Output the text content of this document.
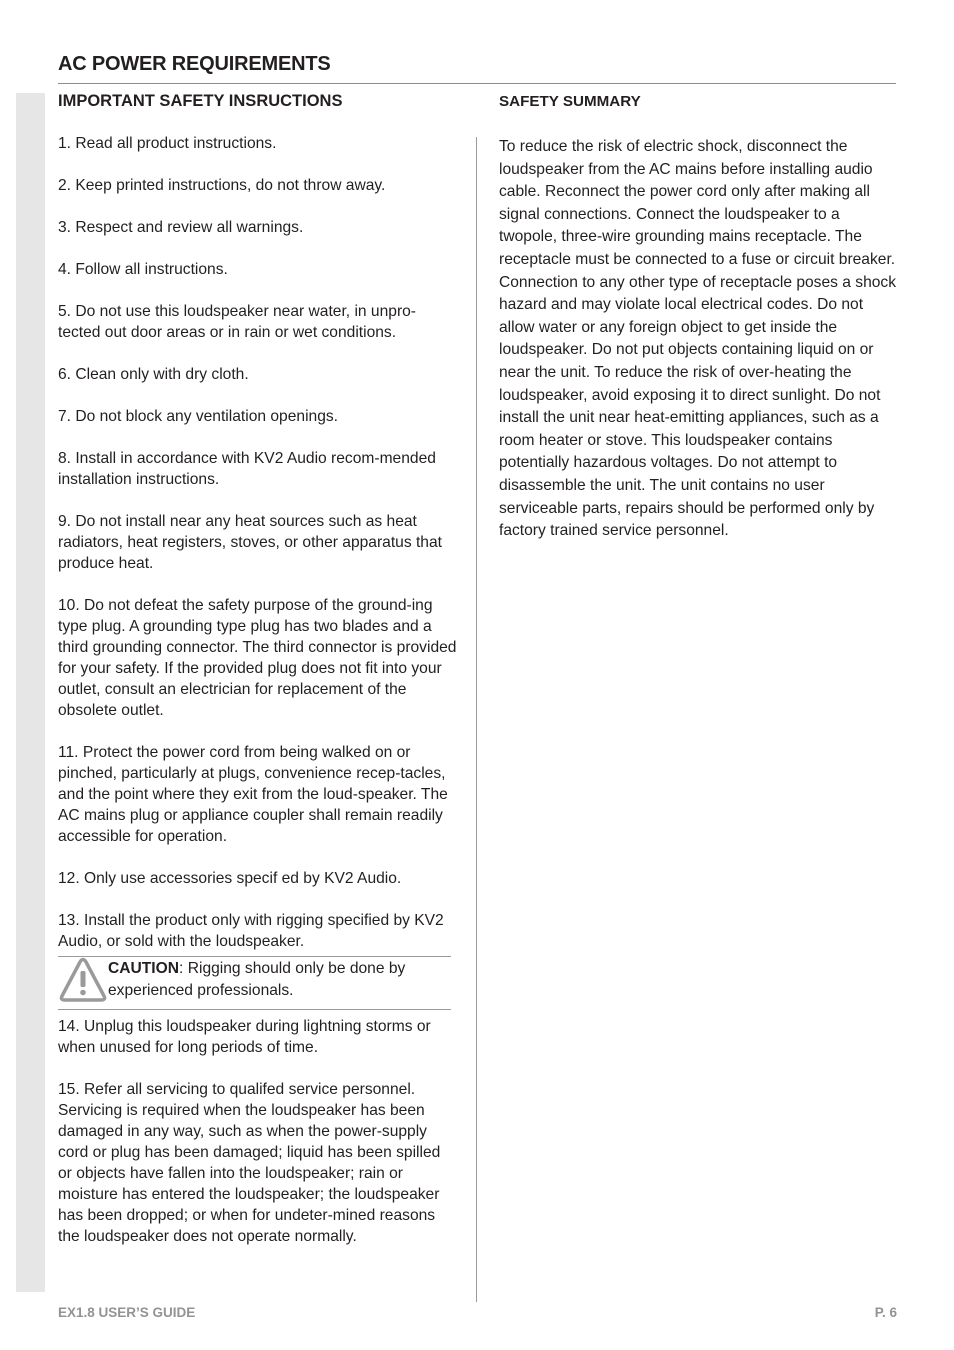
AC POWER REQUIREMENTS
IMPORTANT SAFETY INSRUCTIONS

1. Read all product instructions.

2. Keep printed instructions, do not throw away.

3. Respect and review all warnings.

4. Follow all instructions.

5. Do not use this loudspeaker near water, in unpro-tected out door areas or in rain or wet conditions.

6. Clean only with dry cloth.

7. Do not block any ventilation openings.

8. Install in accordance with KV2 Audio recom-mended installation instructions.

9. Do not install near any heat sources such as heat radiators, heat registers, stoves, or other apparatus that produce heat.

10. Do not defeat the safety purpose of the ground-ing type plug. A grounding type plug has two blades and a third grounding connector. The third connector is provided for your safety. If the provided plug does not fit into your outlet, consult an electrician for replacement of the obsolete outlet.

11. Protect the power cord from being walked on or pinched, particularly at plugs, convenience recep-tacles, and the point where they exit from the loud-speaker. The AC mains plug or appliance coupler shall remain readily accessible for operation.

12. Only use accessories specif ed by KV2 Audio.

13. Install the product only with rigging specified by KV2 Audio, or sold with the loudspeaker.

CAUTION: Rigging should only be done by experienced professionals.

14. Unplug this loudspeaker during lightning storms or when unused for long periods of time.

15. Refer all servicing to qualifed service personnel. Servicing is required when the loudspeaker has been damaged in any way, such as when the power-supply cord or plug has been damaged; liquid has been spilled or objects have fallen into the loudspeaker; rain or moisture has entered the loudspeaker; the loudspeaker has been dropped; or when for undeter-mined reasons the loudspeaker does not operate normally.

SAFETY SUMMARY

To reduce the risk of electric shock, disconnect the loudspeaker from the AC mains before installing audio cable. Reconnect the power cord only after making all signal connections. Connect the loudspeaker to a twopole, three-wire grounding mains receptacle. The receptacle must be connected to a fuse or circuit breaker. Connection to any other type of receptacle poses a shock hazard and may violate local electrical codes. Do not allow water or any foreign object to get inside the loudspeaker. Do not put objects containing liquid on or near the unit. To reduce the risk of over-heating the loudspeaker, avoid exposing it to direct sunlight. Do not install the unit near heat-emitting appliances, such as a room heater or stove. This loudspeaker contains potentially hazardous voltages. Do not attempt to disassemble the unit. The unit contains no user serviceable parts, repairs should be performed only by factory trained service personnel.

EX1.8 USER’S GUIDE	P. 6
